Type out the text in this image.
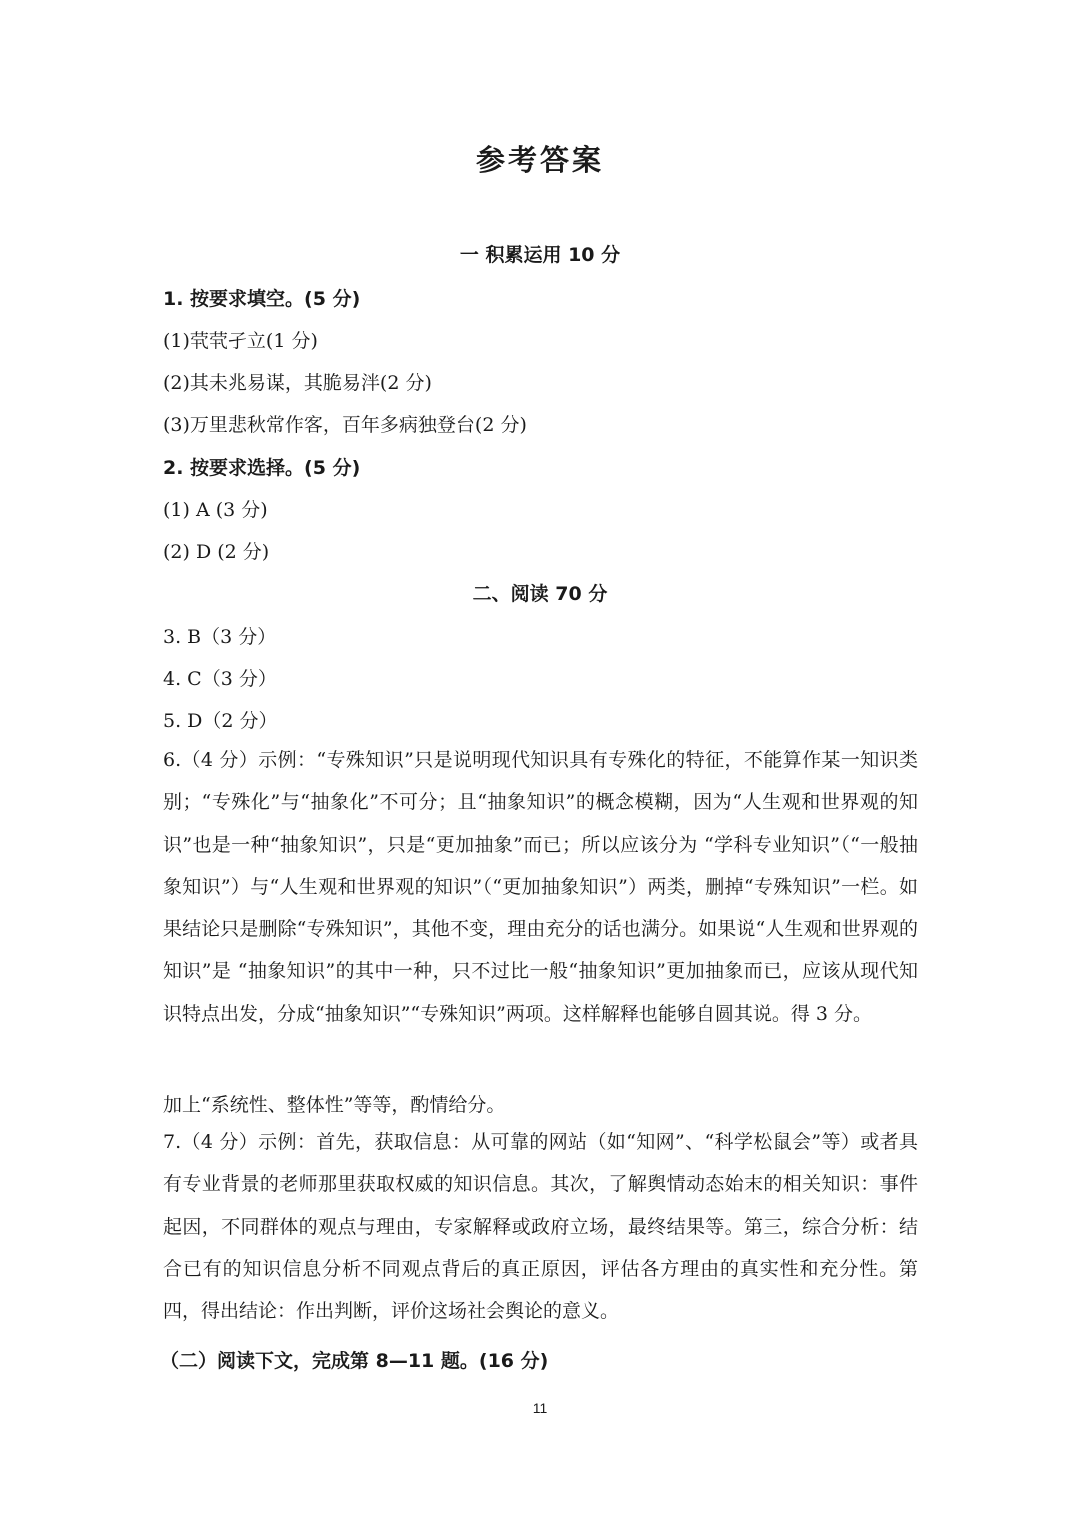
参考答案
一 积累运用 10 分
1. 按要求填空。(5 分)
(1)茕茕孑立(1 分)
(2)其未兆易谋，其脆易泮(2 分)
(3)万里悲秋常作客，百年多病独登台(2 分)
2. 按要求选择。(5 分)
(1) A (3 分)
(2) D (2 分)
二、阅读 70 分
3. B（3 分）
4. C（3 分）
5. D（2 分）
6.（4 分）示例：“专殊知识”只是说明现代知识具有专殊化的特征，不能算作某一知识类别；“专殊化”与“抽象化”不可分；且“抽象知识”的概念模糊，因为“人生观和世界观的知识”也是一种“抽象知识”，只是“更加抽象”而已；所以应该分为 “学科专业知识”（“一般抽象知识”）与“人生观和世界观的知识”（“更加抽象知识”）两类，删掉“专殊知识”一栏。如果结论只是删除“专殊知识”，其他不变，理由充分的话也满分。如果说“人生观和世界观的知识”是 “抽象知识”的其中一种，只不过比一般“抽象知识”更加抽象而已，应该从现代知识特点出发，分成“抽象知识”“专殊知识”两项。这样解释也能够自圆其说。得 3 分。
加上“系统性、整体性”等等，酌情给分。
7.（4 分）示例：首先，获取信息：从可靠的网站（如“知网”、“科学松鼠会”等）或者具有专业背景的老师那里获取权威的知识信息。其次，了解舆情动态始末的相关知识：事件起因，不同群体的观点与理由，专家解释或政府立场，最终结果等。第三，综合分析：结合已有的知识信息分析不同观点背后的真正原因，评估各方理由的真实性和充分性。第四，得出结论：作出判断，评价这场社会舆论的意义。
（二）阅读下文，完成第 8—11 题。(16 分)
11
